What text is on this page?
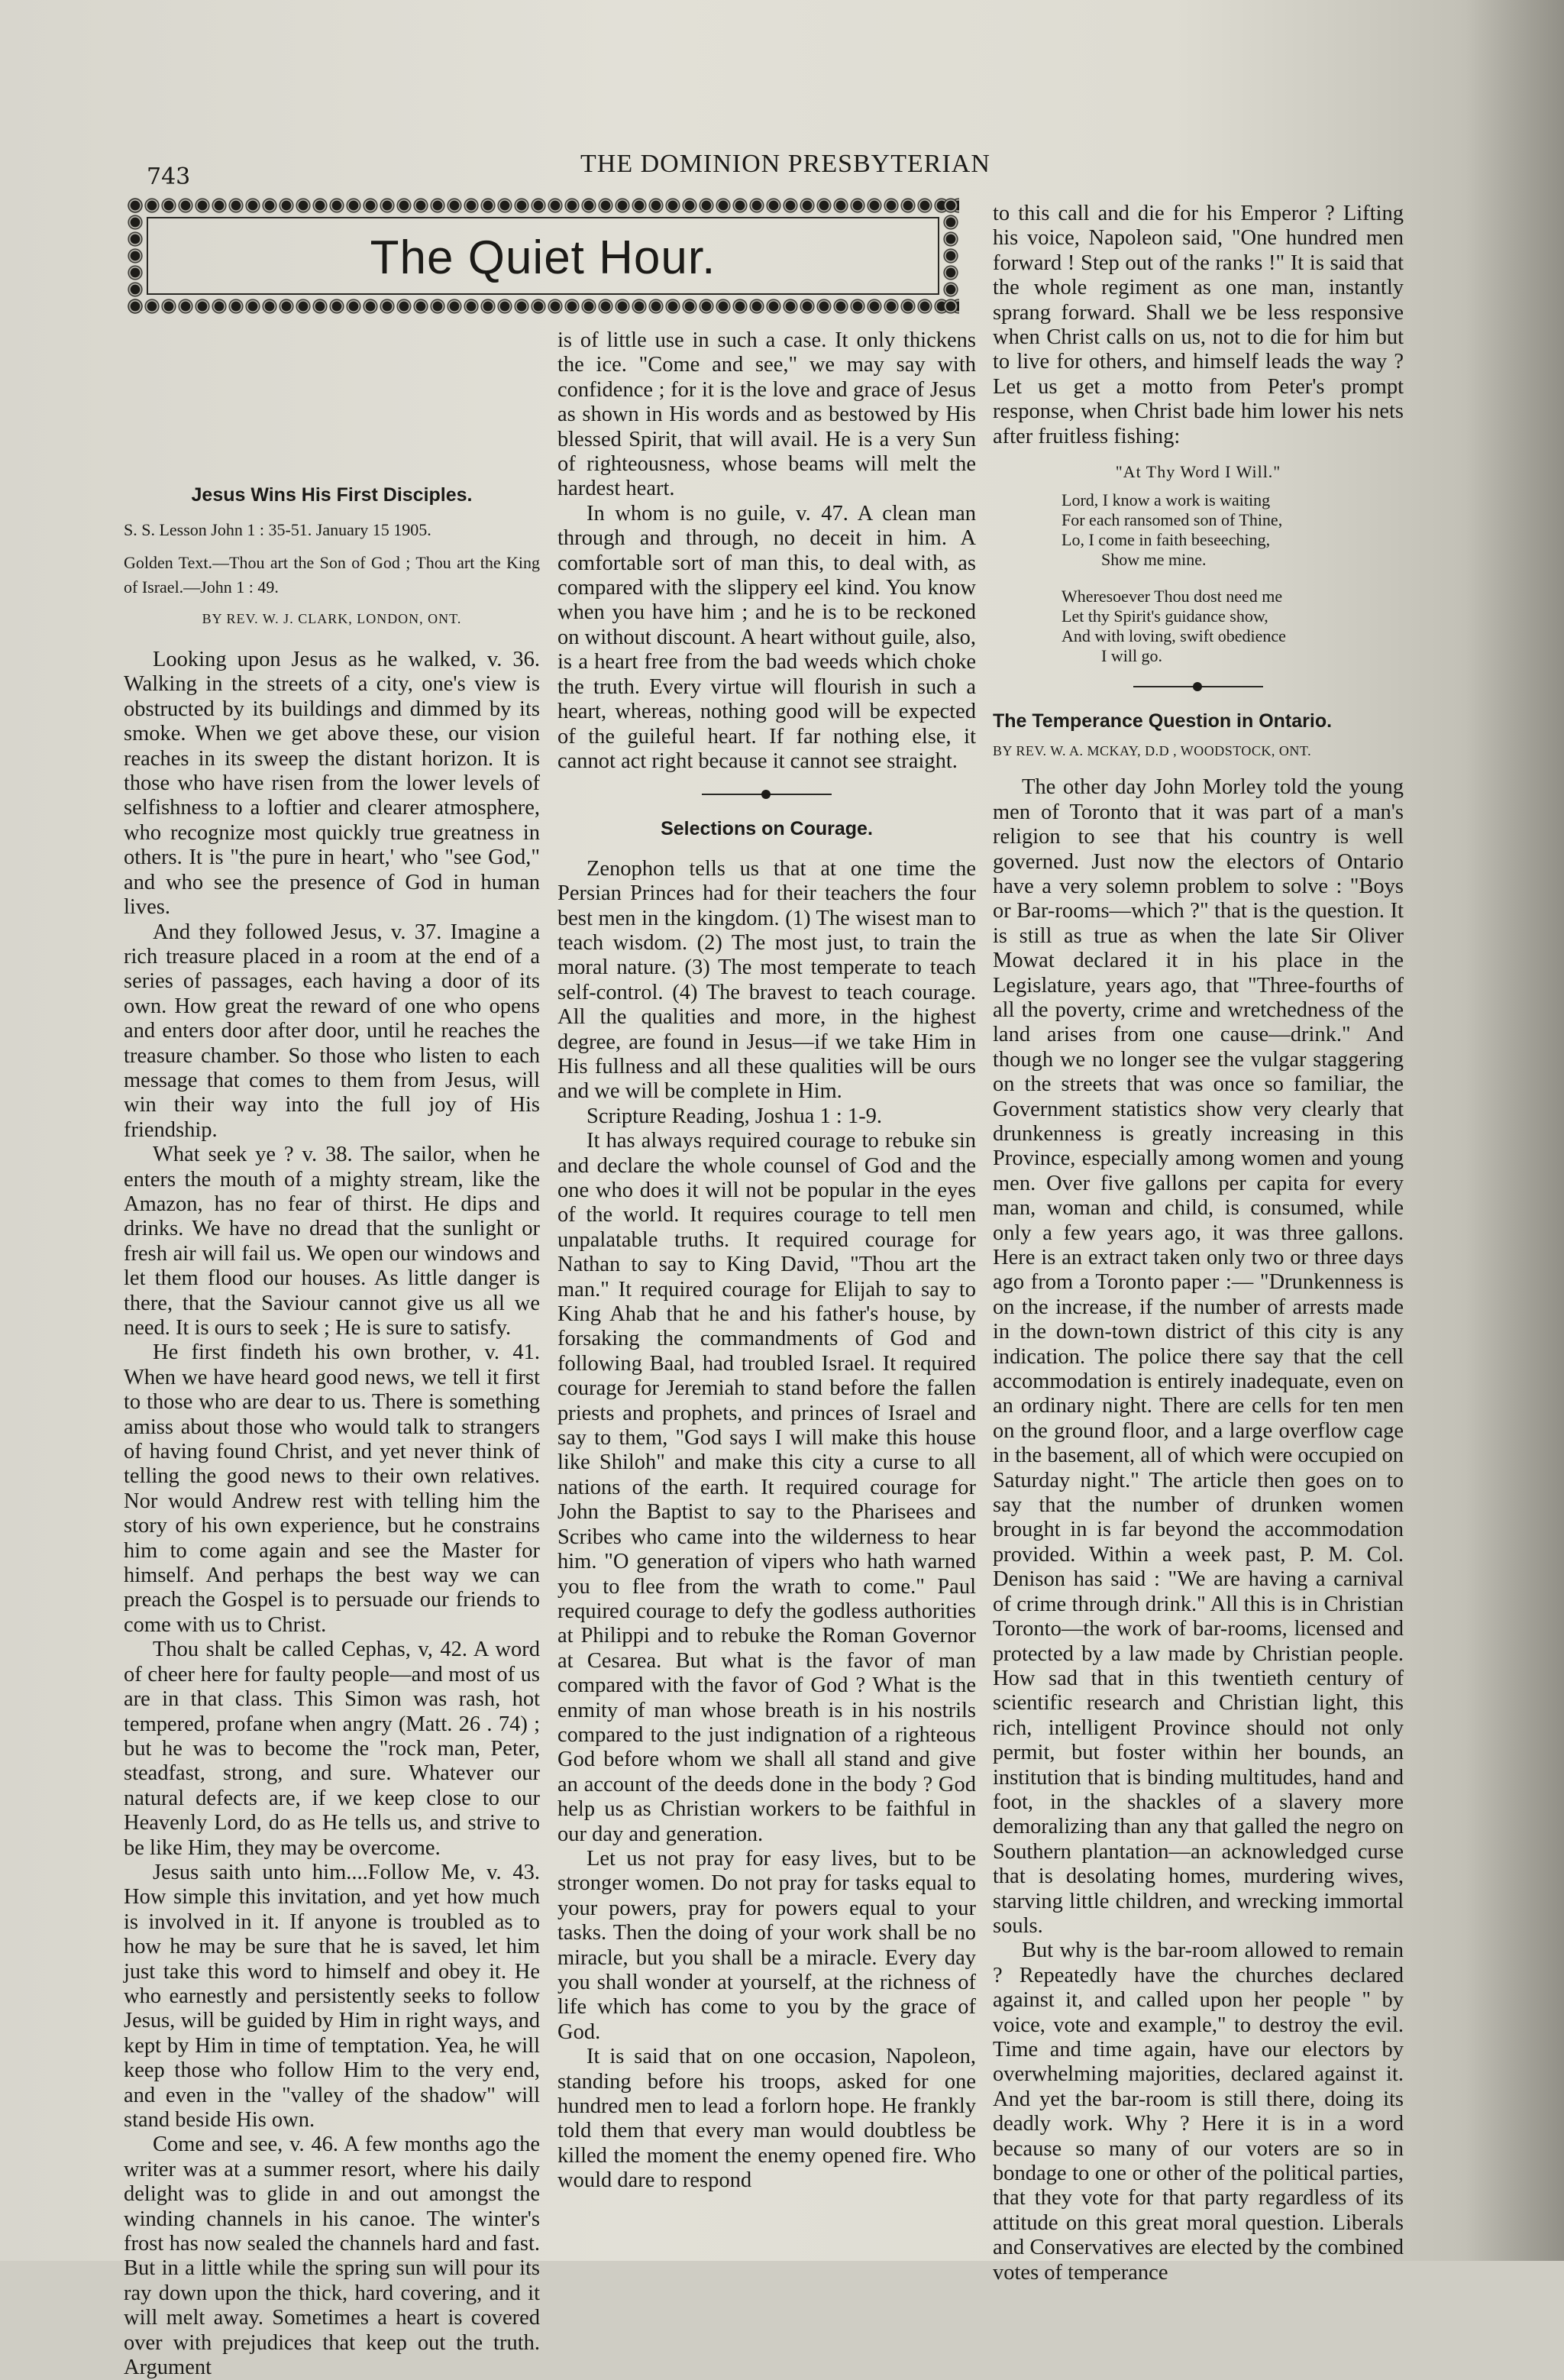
743	THE DOMINION PRESBYTERIAN
The Quiet Hour.

Jesus Wins His First Disciples.

S. S. Lesson John 1 : 35-51. January 15 1905.

Golden Text.—Thou art the Son of God ; Thou art the King of Israel.—John 1 : 49.

BY REV. W. J. CLARK, LONDON, ONT.

Looking upon Jesus as he walked, v. 36. Walking in the streets of a city, one's view is obstructed by its buildings and dimmed by its smoke. When we get above these, our vision reaches in its sweep the distant horizon. It is those who have risen from the lower levels of selfishness to a loftier and clearer atmosphere, who recognize most quickly true greatness in others. It is "the pure in heart,' who "see God," and who see the presence of God in human lives.

And they followed Jesus, v. 37. Imagine a rich treasure placed in a room at the end of a series of passages, each having a door of its own. How great the reward of one who opens and enters door after door, until he reaches the treasure chamber. So those who listen to each message that comes to them from Jesus, will win their way into the full joy of His friendship.

What seek ye ? v. 38. The sailor, when he enters the mouth of a mighty stream, like the Amazon, has no fear of thirst. He dips and drinks. We have no dread that the sunlight or fresh air will fail us. We open our windows and let them flood our houses. As little danger is there, that the Saviour cannot give us all we need. It is ours to seek ; He is sure to satisfy.

He first findeth his own brother, v. 41. When we have heard good news, we tell it first to those who are dear to us. There is something amiss about those who would talk to strangers of having found Christ, and yet never think of telling the good news to their own relatives. Nor would Andrew rest with telling him the story of his own experience, but he constrains him to come again and see the Master for himself. And perhaps the best way we can preach the Gospel is to persuade our friends to come with us to Christ.

Thou shalt be called Cephas, v, 42. A word of cheer here for faulty people—and most of us are in that class. This Simon was rash, hot tempered, profane when angry (Matt. 26 . 74) ; but he was to become the "rock man, Peter, steadfast, strong, and sure. Whatever our natural defects are, if we keep close to our Heavenly Lord, do as He tells us, and strive to be like Him, they may be overcome.

Jesus saith unto him....Follow Me, v. 43. How simple this invitation, and yet how much is involved in it. If anyone is troubled as to how he may be sure that he is saved, let him just take this word to himself and obey it. He who earnestly and persistently seeks to follow Jesus, will be guided by Him in right ways, and kept by Him in time of temptation. Yea, he will keep those who follow Him to the very end, and even in the "valley of the shadow" will stand beside His own.

Come and see, v. 46. A few months ago the writer was at a summer resort, where his daily delight was to glide in and out amongst the winding channels in his canoe. The winter's frost has now sealed the channels hard and fast. But in a little while the spring sun will pour its ray down upon the thick, hard covering, and it will melt away. Sometimes a heart is covered over with prejudices that keep out the truth. Argument

is of little use in such a case. It only thickens the ice. "Come and see," we may say with confidence ; for it is the love and grace of Jesus as shown in His words and as bestowed by His blessed Spirit, that will avail. He is a very Sun of righteousness, whose beams will melt the hardest heart.

In whom is no guile, v. 47. A clean man through and through, no deceit in him. A comfortable sort of man this, to deal with, as compared with the slippery eel kind. You know when you have him ; and he is to be reckoned on without discount. A heart without guile, also, is a heart free from the bad weeds which choke the truth. Every virtue will flourish in such a heart, whereas, nothing good will be expected of the guileful heart. If far nothing else, it cannot act right because it cannot see straight.

Selections on Courage.

Zenophon tells us that at one time the Persian Princes had for their teachers the four best men in the kingdom. (1) The wisest man to teach wisdom. (2) The most just, to train the moral nature. (3) The most temperate to teach self-control. (4) The bravest to teach courage. All the qualities and more, in the highest degree, are found in Jesus—if we take Him in His fullness and all these qualities will be ours and we will be complete in Him.

Scripture Reading, Joshua 1 : 1-9.

It has always required courage to rebuke sin and declare the whole counsel of God and the one who does it will not be popular in the eyes of the world. It requires courage to tell men unpalatable truths. It required courage for Nathan to say to King David, "Thou art the man." It required courage for Elijah to say to King Ahab that he and his father's house, by forsaking the commandments of God and following Baal, had troubled Israel. It required courage for Jeremiah to stand before the fallen priests and prophets, and princes of Israel and say to them, "God says I will make this house like Shiloh" and make this city a curse to all nations of the earth. It required courage for John the Baptist to say to the Pharisees and Scribes who came into the wilderness to hear him. "O generation of vipers who hath warned you to flee from the wrath to come." Paul required courage to defy the godless authorities at Philippi and to rebuke the Roman Governor at Cesarea. But what is the favor of man compared with the favor of God ? What is the enmity of man whose breath is in his nostrils compared to the just indignation of a righteous God before whom we shall all stand and give an account of the deeds done in the body ? God help us as Christian workers to be faithful in our day and generation.

Let us not pray for easy lives, but to be stronger women. Do not pray for tasks equal to your powers, pray for powers equal to your tasks. Then the doing of your work shall be no miracle, but you shall be a miracle. Every day you shall wonder at yourself, at the richness of life which has come to you by the grace of God.

It is said that on one occasion, Napoleon, standing before his troops, asked for one hundred men to lead a forlorn hope. He frankly told them that every man would doubtless be killed the moment the enemy opened fire. Who would dare to respond

to this call and die for his Emperor ? Lifting his voice, Napoleon said, "One hundred men forward ! Step out of the ranks !" It is said that the whole regiment as one man, instantly sprang forward. Shall we be less responsive when Christ calls on us, not to die for him but to live for others, and himself leads the way ? Let us get a motto from Peter's prompt response, when Christ bade him lower his nets after fruitless fishing:

"At Thy Word I Will."

Lord, I know a work is waiting
For each ransomed son of Thine,
Lo, I come in faith beseeching,
Show me mine.
Wheresoever Thou dost need me
Let thy Spirit's guidance show,
And with loving, swift obedience
I will go.

The Temperance Question in Ontario.

BY REV. W. A. MCKAY, D.D , WOODSTOCK, ONT.

The other day John Morley told the young men of Toronto that it was part of a man's religion to see that his country is well governed. Just now the electors of Ontario have a very solemn problem to solve : "Boys or Bar-rooms—which ?" that is the question. It is still as true as when the late Sir Oliver Mowat declared it in his place in the Legislature, years ago, that "Three-fourths of all the poverty, crime and wretchedness of the land arises from one cause—drink." And though we no longer see the vulgar staggering on the streets that was once so familiar, the Government statistics show very clearly that drunkenness is greatly increasing in this Province, especially among women and young men. Over five gallons per capita for every man, woman and child, is consumed, while only a few years ago, it was three gallons. Here is an extract taken only two or three days ago from a Toronto paper :— "Drunkenness is on the increase, if the number of arrests made in the down-town district of this city is any indication. The police there say that the cell accommodation is entirely inadequate, even on an ordinary night. There are cells for ten men on the ground floor, and a large overflow cage in the basement, all of which were occupied on Saturday night." The article then goes on to say that the number of drunken women brought in is far beyond the accommodation provided. Within a week past, P. M. Col. Denison has said : "We are having a carnival of crime through drink." All this is in Christian Toronto—the work of bar-rooms, licensed and protected by a law made by Christian people. How sad that in this twentieth century of scientific research and Christian light, this rich, intelligent Province should not only permit, but foster within her bounds, an institution that is binding multitudes, hand and foot, in the shackles of a slavery more demoralizing than any that galled the negro on Southern plantation—an acknowledged curse that is desolating homes, murdering wives, starving little children, and wrecking immortal souls.

But why is the bar-room allowed to remain ? Repeatedly have the churches declared against it, and called upon her people " by voice, vote and example," to destroy the evil. Time and time again, have our electors by overwhelming majorities, declared against it. And yet the bar-room is still there, doing its deadly work. Why ? Here it is in a word because so many of our voters are so in bondage to one or other of the political parties, that they vote for that party regardless of its attitude on this great moral question. Liberals and Conservatives are elected by the combined votes of temperance
